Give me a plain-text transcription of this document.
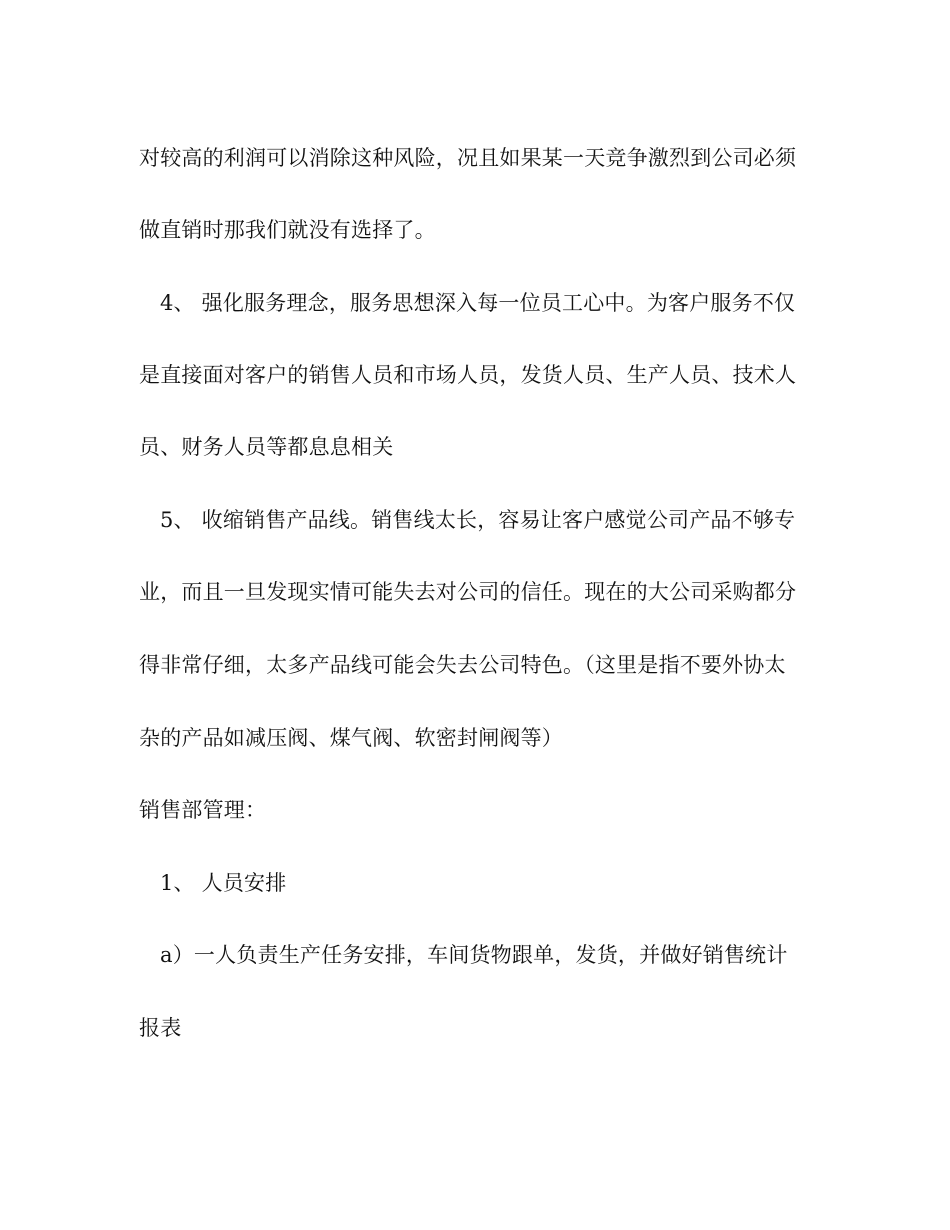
对较高的利润可以消除这种风险，况且如果某一天竞争激烈到公司必须
做直销时那我们就没有选择了。
4、 强化服务理念，服务思想深入每一位员工心中。为客户服务不仅
是直接面对客户的销售人员和市场人员，发货人员、生产人员、技术人
员、财务人员等都息息相关
5、 收缩销售产品线。销售线太长，容易让客户感觉公司产品不够专
业，而且一旦发现实情可能失去对公司的信任。现在的大公司采购都分
得非常仔细，太多产品线可能会失去公司特色。（这里是指不要外协太
杂的产品如减压阀、煤气阀、软密封闸阀等）
销售部管理：
1、 人员安排
a）一人负责生产任务安排，车间货物跟单，发货，并做好销售统计
报表
